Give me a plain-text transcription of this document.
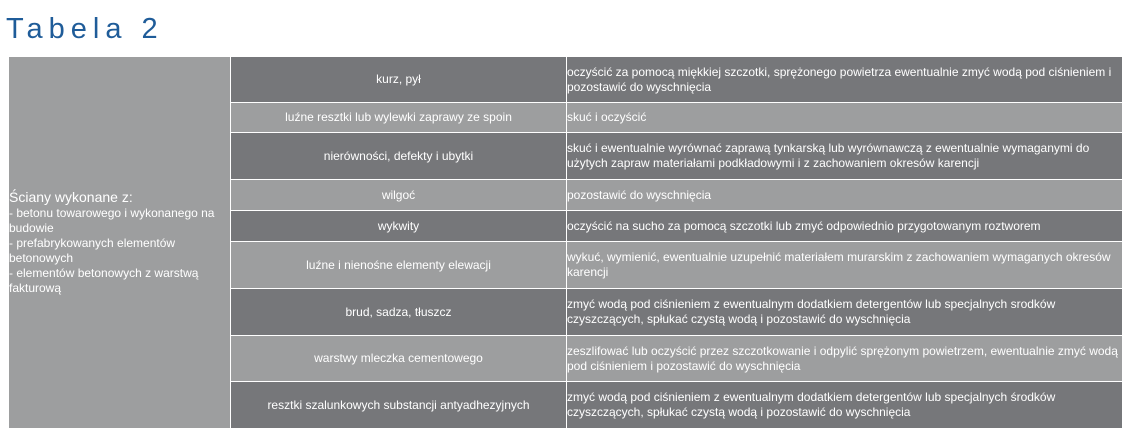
Tabela 2
Ściany wykonane z:
- betonu towarowego i wykonanego na budowie
- prefabrykowanych elementów betonowych
- elementów betonowych z warstwą fakturową	kurz, pył	oczyścić za pomocą miękkiej szczotki, sprężonego powietrza ewentualnie zmyć wodą pod ciśnieniem i pozostawić do wyschnięcia
	luźne resztki lub wylewki zaprawy ze spoin	skuć i oczyścić
	nierówności, defekty i ubytki	skuć i ewentualnie wyrównać zaprawą tynkarską lub wyrównawczą z ewentualnie wymaganymi do użytych zapraw materiałami podkładowymi i z zachowaniem okresów karencji
	wilgoć	pozostawić do wyschnięcia
	wykwity	oczyścić na sucho za pomocą szczotki lub zmyć odpowiednio przygotowanym roztworem
	luźne i nienośne elementy elewacji	wykuć, wymienić, ewentualnie uzupełnić materiałem murarskim z zachowaniem wymaganych okresów karencji
	brud, sadza, tłuszcz	zmyć wodą pod ciśnieniem z ewentualnym dodatkiem detergentów lub specjalnych srodków czyszczących, spłukać czystą wodą i pozostawić do wyschnięcia
	warstwy mleczka cementowego	zeszlifować lub oczyścić przez szczotkowanie i odpylić sprężonym powietrzem, ewentualnie zmyć wodą pod ciśnieniem i pozostawić do wyschnięcia
	resztki szalunkowych substancji antyadhezyjnych	zmyć wodą pod ciśnieniem z ewentualnym dodatkiem detergentów lub specjalnych środków czyszczących, spłukać czystą wodą i pozostawić do wyschnięcia
